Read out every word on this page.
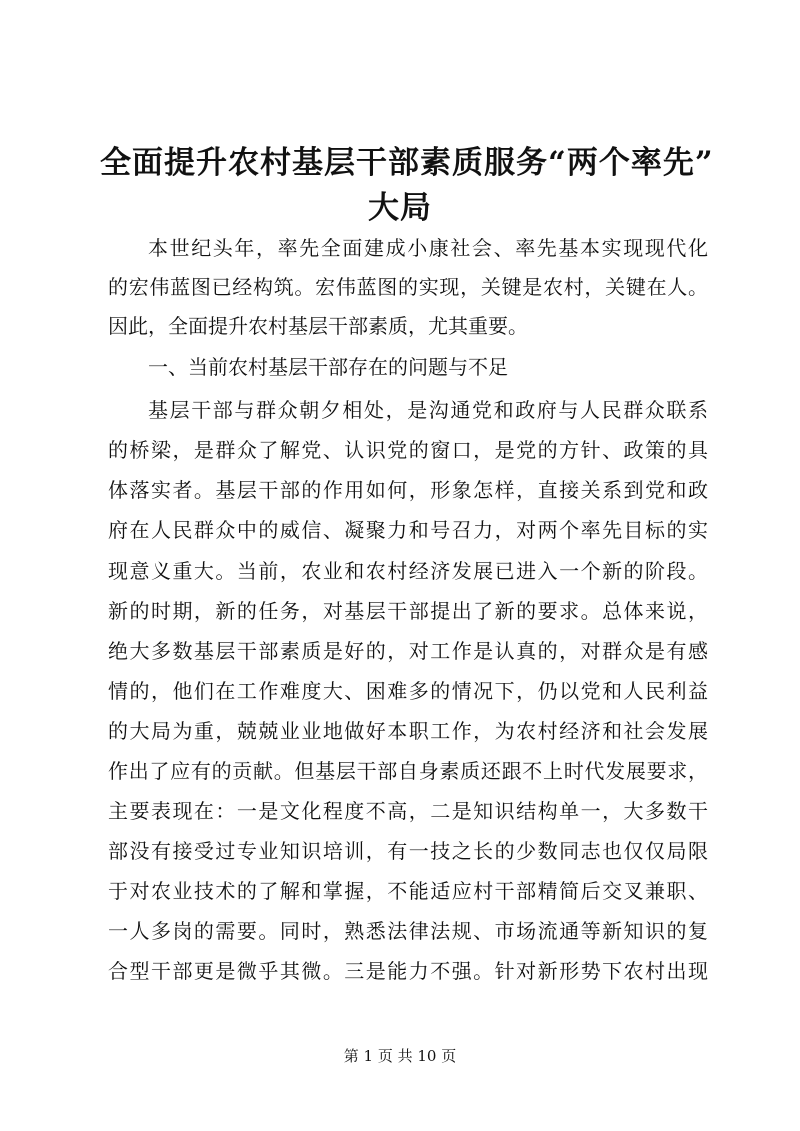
全面提升农村基层干部素质服务“两个率先”
大局
本世纪头年，率先全面建成小康社会、率先基本实现现代化
的宏伟蓝图已经构筑。宏伟蓝图的实现，关键是农村，关键在人。
因此，全面提升农村基层干部素质，尤其重要。
一、当前农村基层干部存在的问题与不足
基层干部与群众朝夕相处，是沟通党和政府与人民群众联系
的桥梁，是群众了解党、认识党的窗口，是党的方针、政策的具
体落实者。基层干部的作用如何，形象怎样，直接关系到党和政
府在人民群众中的威信、凝聚力和号召力，对两个率先目标的实
现意义重大。当前，农业和农村经济发展已进入一个新的阶段。
新的时期，新的任务，对基层干部提出了新的要求。总体来说，
绝大多数基层干部素质是好的，对工作是认真的，对群众是有感
情的，他们在工作难度大、困难多的情况下，仍以党和人民利益
的大局为重，兢兢业业地做好本职工作，为农村经济和社会发展
作出了应有的贡献。但基层干部自身素质还跟不上时代发展要求，
主要表现在：一是文化程度不高，二是知识结构单一，大多数干
部没有接受过专业知识培训，有一技之长的少数同志也仅仅局限
于对农业技术的了解和掌握，不能适应村干部精简后交叉兼职、
一人多岗的需要。同时，熟悉法律法规、市场流通等新知识的复
合型干部更是微乎其微。三是能力不强。针对新形势下农村出现
第 1 页 共 10 页
